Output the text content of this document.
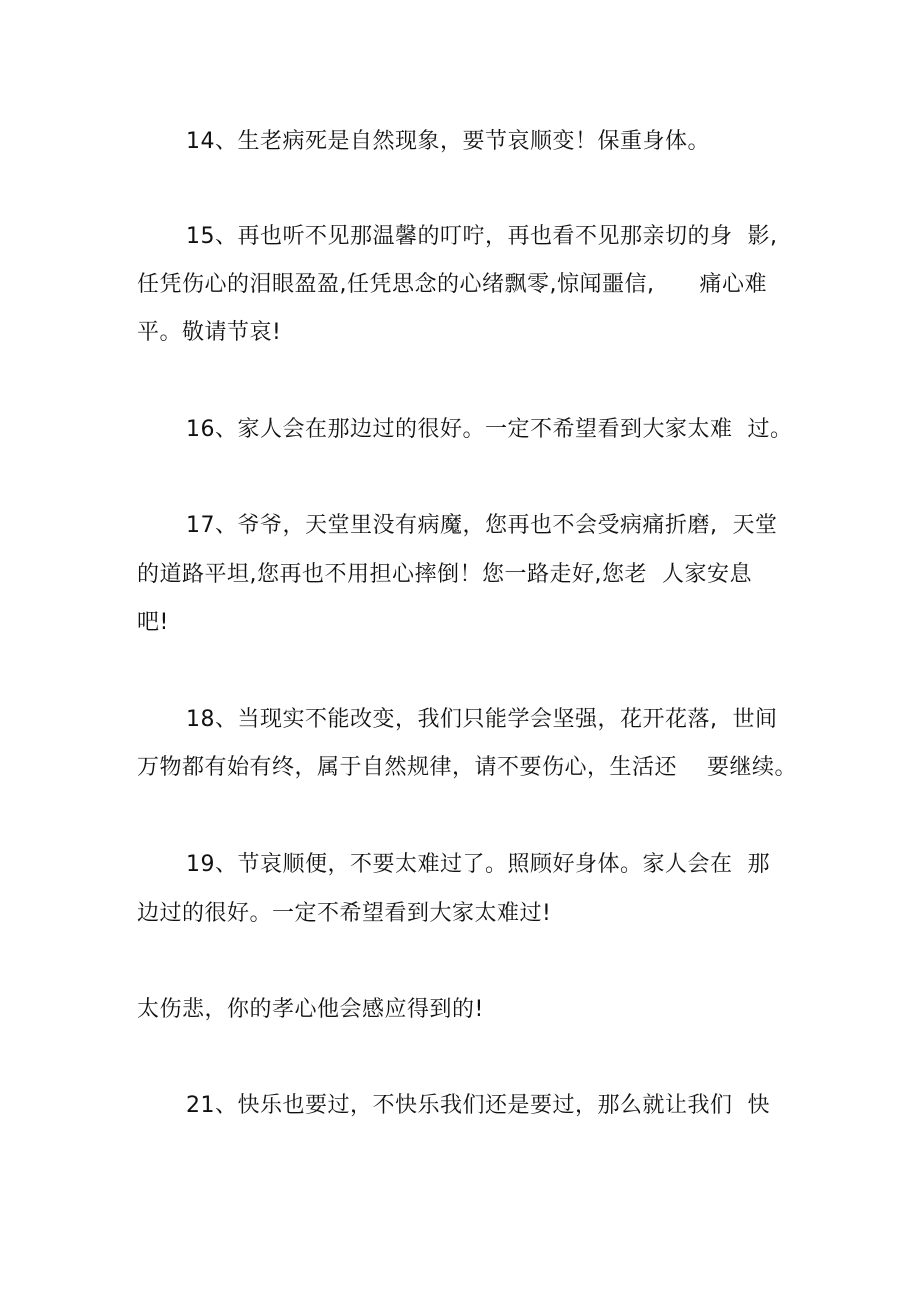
14、生老病死是自然现象，要节哀顺变！保重身体。
15、再也听不见那温馨的叮咛，再也看不见那亲切的身  影,
任凭伤心的泪眼盈盈,任凭思念的心绪飘零,惊闻噩信,      痛心难
平。敬请节哀!
16、家人会在那边过的很好。一定不希望看到大家太难  过。
17、爷爷，天堂里没有病魔，您再也不会受病痛折磨,  天堂
的道路平坦,您再也不用担心摔倒！您一路走好,您老  人家安息
吧!
18、当现实不能改变，我们只能学会坚强，花开花落,  世间
万物都有始有终，属于自然规律，请不要伤心，生活还    要继续。
19、节哀顺便，不要太难过了。照顾好身体。家人会在  那
边过的很好。一定不希望看到大家太难过!
太伤悲，你的孝心他会感应得到的!
21、快乐也要过，不快乐我们还是要过，那么就让我们  快
